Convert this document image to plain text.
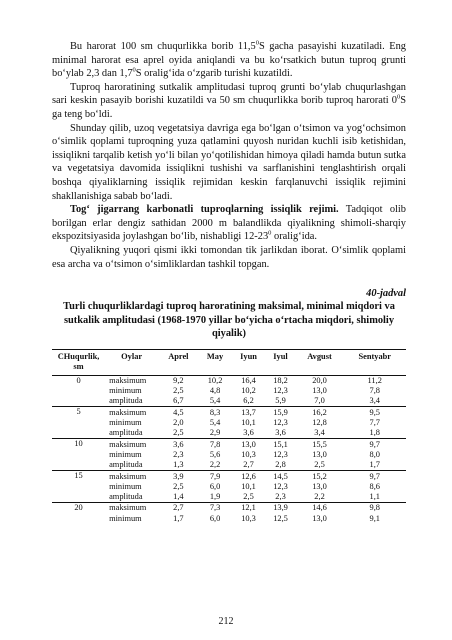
Bu harorat 100 sm chuqurlikka borib 11,5$^0$S gacha pasayishi kuzatiladi. Eng minimal harorat esa aprel oyida aniqlandi va bu ko‘rsatkich butun tuproq grunti bo‘ylab 2,3 dan $1,7^0S$ oralig‘ida o‘zgarib turishi kuzatildi.

Tuproq haroratining sutkalik amplitudasi tuproq grunti bo‘ylab chuqurlashgan sari keskin pasayib borishi kuzatildi va 50 sm chuqurlikka borib tuproq harorati $0^0S$ ga teng bo‘ldi.

Shunday qilib, uzoq vegetatsiya davriga ega bo‘lgan o‘tsimon va yog‘ochsimon o‘simlik qoplami tuproqning yuza qatlamini quyosh nuridan kuchli isib ketishidan, issiqlikni tarqalib ketish yo‘li bilan yo‘qotilishidan himoya qiladi hamda butun sutka va vegetatsiya davomida issiqlikni tushishi va sarflanishini tenglashtirish orqali boshqa qiyaliklarning issiqlik rejimidan keskin farqlanuvchi issiqlik rejimini shakllanishiga sabab bo‘ladi.

Tog‘ jigarrang karbonatli tuproqlarning issiqlik rejimi. Tadqiqot olib borilgan erlar dengiz sathidan 2000 m balandlikda qiyalikning shimoli-sharqiy ekspozitsiyasida joylashgan bo‘lib, nishabligi $12-23^0$ oralig‘ida.

Qiyalikning yuqori qismi ikki tomondan tik jarlikdan iborat. O‘simlik qoplami esa archa va o‘tsimon o‘simliklardan tashkil topgan.

40-jadval
Turli chuqurliklardagi tuproq haroratining maksimal, minimal miqdori va sutkalik amplitudasi (1968-1970 yillar bo‘yicha o‘rtacha miqdori, shimoliy qiyalik)
CHuqurlik, sm	Oylar	Aprel	May	Iyun	Iyul	Avgust	Sentyabr
0	maksimum	9,2	10,2	16,4	18,2	20,0	11,2
	minimum	2,5	4,8	10,2	12,3	13,0	7,8
	amplituda	6,7	5,4	6,2	5,9	7,0	3,4
5	maksimum	4,5	8,3	13,7	15,9	16,2	9,5
	minimum	2,0	5,4	10,1	12,3	12,8	7,7
	amplituda	2,5	2,9	3,6	3,6	3,4	1,8
10	maksimum	3,6	7,8	13,0	15,1	15,5	9,7
	minimum	2,3	5,6	10,3	12,3	13,0	8,0
	amplituda	1,3	2,2	2,7	2,8	2,5	1,7
15	maksimum	3,9	7,9	12,6	14,5	15,2	9,7
	minimum	2,5	6,0	10,1	12,3	13,0	8,6
	amplituda	1,4	1,9	2,5	2,3	2,2	1,1
20	maksimum	2,7	7,3	12,1	13,9	14,6	9,8
	minimum	1,7	6,0	10,3	12,5	13,0	9,1
212
